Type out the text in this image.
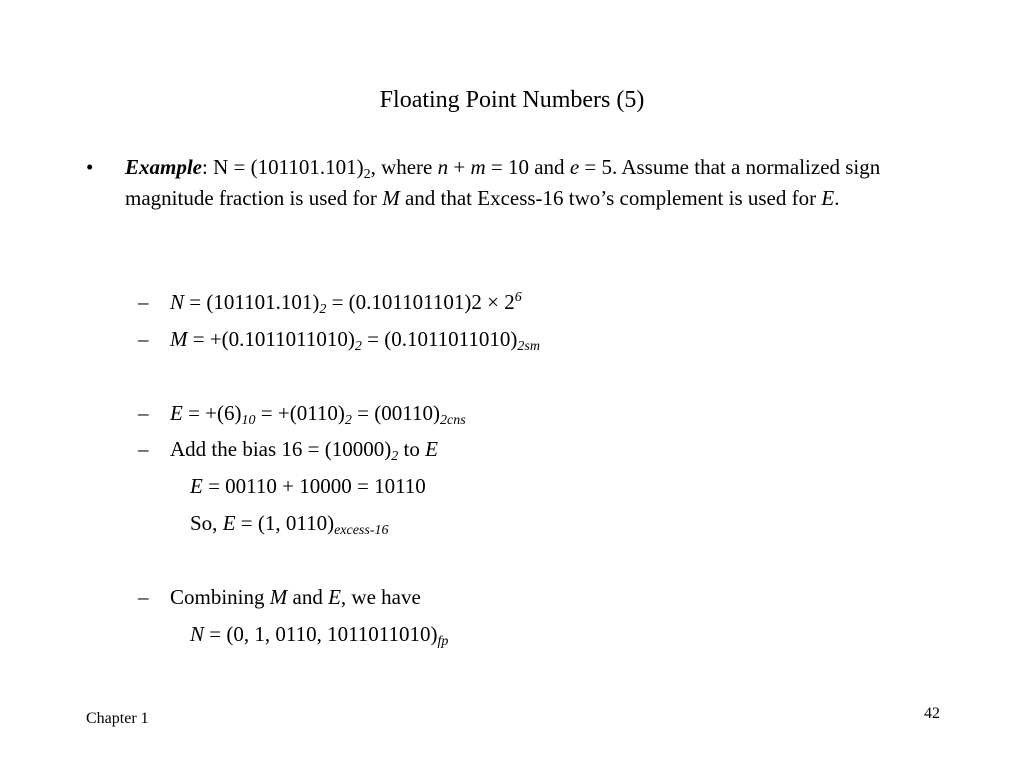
Floating Point Numbers (5)
• Example: $N = (101101.101)_2$, where n + m = 10 and e = 5. Assume that a normalized sign magnitude fraction is used for M and that Excess-16 two’s complement is used for E.
– $N = (101101.101)_2 = (0.101101101)2 \times 2^6$
– $M = +(0.1011011010)_2 = (0.1011011010)_{2sm}$
– $E = +(6)_{10} = +(0110)_2 = (00110)_{2cns}$
– Add the bias $16 = (10000)_2$ to E
E = 00110 + 10000 = 10110
So, E = (1, $0110)_{excess-16}$
– Combining M and E, we have
N = (0, 1, 0110, $1011011010)_{fp}$
Chapter 1	42
